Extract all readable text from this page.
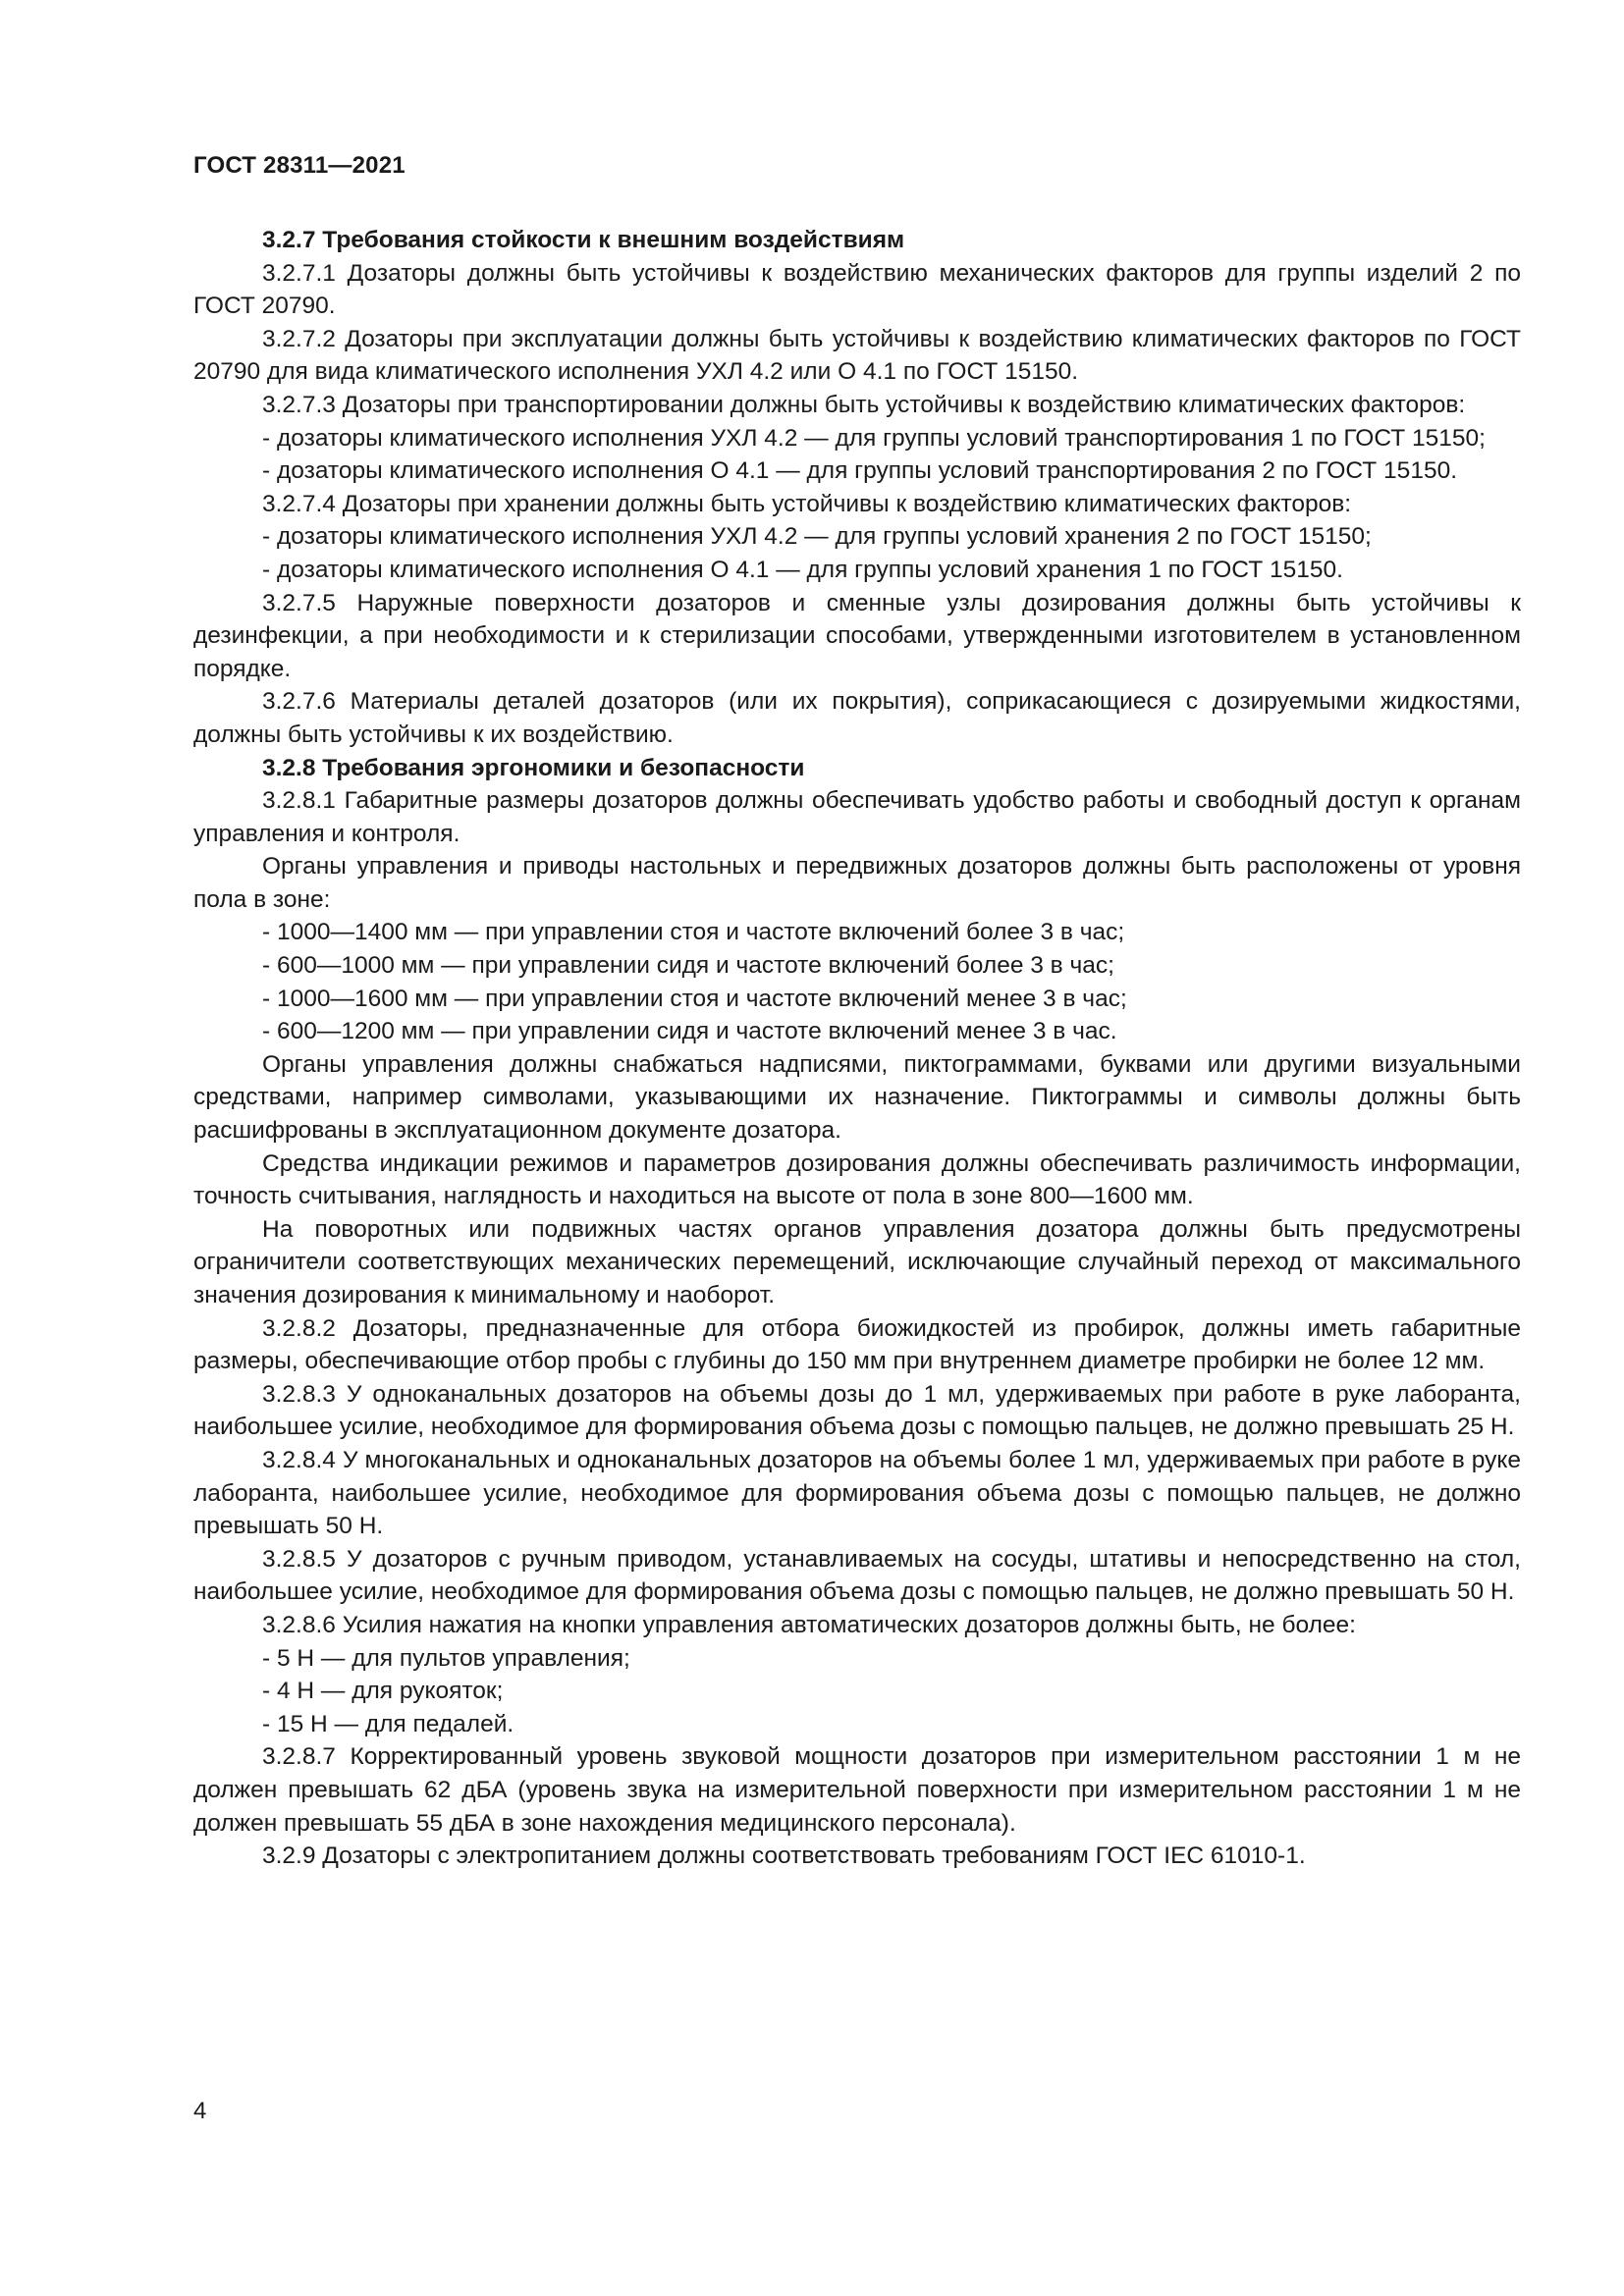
ГОСТ 28311—2021

3.2.7 Требования стойкости к внешним воздействиям

3.2.7.1 Дозаторы должны быть устойчивы к воздействию механических факторов для группы изделий 2 по ГОСТ 20790.

3.2.7.2 Дозаторы при эксплуатации должны быть устойчивы к воздействию климатических факторов по ГОСТ 20790 для вида климатического исполнения УХЛ 4.2 или О 4.1 по ГОСТ 15150.

3.2.7.3 Дозаторы при транспортировании должны быть устойчивы к воздействию климатических факторов:

- дозаторы климатического исполнения УХЛ 4.2 — для группы условий транспортирования 1 по ГОСТ 15150;

- дозаторы климатического исполнения О 4.1 — для группы условий транспортирования 2 по ГОСТ 15150.

3.2.7.4 Дозаторы при хранении должны быть устойчивы к воздействию климатических факторов:

- дозаторы климатического исполнения УХЛ 4.2 — для группы условий хранения 2 по ГОСТ 15150;

- дозаторы климатического исполнения О 4.1 — для группы условий хранения 1 по ГОСТ 15150.

3.2.7.5 Наружные поверхности дозаторов и сменные узлы дозирования должны быть устойчивы к дезинфекции, а при необходимости и к стерилизации способами, утвержденными изготовителем в установленном порядке.

3.2.7.6 Материалы деталей дозаторов (или их покрытия), соприкасающиеся с дозируемыми жидкостями, должны быть устойчивы к их воздействию.

3.2.8 Требования эргономики и безопасности

3.2.8.1 Габаритные размеры дозаторов должны обеспечивать удобство работы и свободный доступ к органам управления и контроля.

Органы управления и приводы настольных и передвижных дозаторов должны быть расположены от уровня пола в зоне:

- 1000—1400 мм — при управлении стоя и частоте включений более 3 в час;

- 600—1000 мм — при управлении сидя и частоте включений более 3 в час;

- 1000—1600 мм — при управлении стоя и частоте включений менее 3 в час;

- 600—1200 мм — при управлении сидя и частоте включений менее 3 в час.

Органы управления должны снабжаться надписями, пиктограммами, буквами или другими визуальными средствами, например символами, указывающими их назначение. Пиктограммы и символы должны быть расшифрованы в эксплуатационном документе дозатора.

Средства индикации режимов и параметров дозирования должны обеспечивать различимость информации, точность считывания, наглядность и находиться на высоте от пола в зоне 800—1600 мм.

На поворотных или подвижных частях органов управления дозатора должны быть предусмотрены ограничители соответствующих механических перемещений, исключающие случайный переход от максимального значения дозирования к минимальному и наоборот.

3.2.8.2 Дозаторы, предназначенные для отбора биожидкостей из пробирок, должны иметь габаритные размеры, обеспечивающие отбор пробы с глубины до 150 мм при внутреннем диаметре пробирки не более 12 мм.

3.2.8.3 У одноканальных дозаторов на объемы дозы до 1 мл, удерживаемых при работе в руке лаборанта, наибольшее усилие, необходимое для формирования объема дозы с помощью пальцев, не должно превышать 25 Н.

3.2.8.4 У многоканальных и одноканальных дозаторов на объемы более 1 мл, удерживаемых при работе в руке лаборанта, наибольшее усилие, необходимое для формирования объема дозы с помощью пальцев, не должно превышать 50 Н.

3.2.8.5 У дозаторов с ручным приводом, устанавливаемых на сосуды, штативы и непосредственно на стол, наибольшее усилие, необходимое для формирования объема дозы с помощью пальцев, не должно превышать 50 Н.

3.2.8.6 Усилия нажатия на кнопки управления автоматических дозаторов должны быть, не более:

- 5 Н — для пультов управления;

- 4 Н — для рукояток;

- 15 Н — для педалей.

3.2.8.7 Корректированный уровень звуковой мощности дозаторов при измерительном расстоянии 1 м не должен превышать 62 дБА (уровень звука на измерительной поверхности при измерительном расстоянии 1 м не должен превышать 55 дБА в зоне нахождения медицинского персонала).

3.2.9 Дозаторы с электропитанием должны соответствовать требованиям ГОСТ IEC 61010-1.

4
